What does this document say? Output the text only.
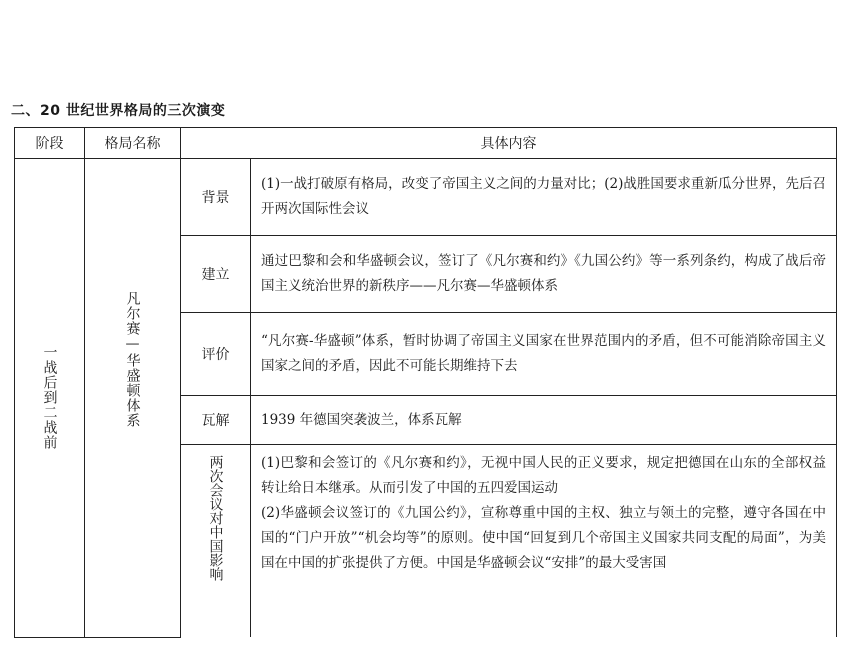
二、20 世纪世界格局的三次演变
阶段	格局名称	具体内容	

一战后到二战前	凡尔赛—华盛顿体系	背景	(1)一战打破原有格局，改变了帝国主义之间的力量对比；(2)战胜国要求重新瓜分世界，先后召开两次国际性会议
		建立	通过巴黎和会和华盛顿会议，签订了《凡尔赛和约》《九国公约》等一系列条约，构成了战后帝国主义统治世界的新秩序——凡尔赛—华盛顿体系
		评价	“凡尔赛-华盛顿”体系，暂时协调了帝国主义国家在世界范围内的矛盾，但不可能消除帝国主义国家之间的矛盾，因此不可能长期维持下去
		瓦解	1939 年德国突袭波兰，体系瓦解

		两次会议对中国影响	(1)巴黎和会签订的《凡尔赛和约》，无视中国人民的正义要求，规定把德国在山东的全部权益转让给日本继承。从而引发了中国的五四爱国运动
(2)华盛顿会议签订的《九国公约》，宣称尊重中国的主权、独立与领土的完整，遵守各国在中国的“门户开放”“机会均等”的原则。使中国“回复到几个帝国主义国家共同支配的局面”，为美国在中国的扩张提供了方便。中国是华盛顿会议“安排”的最大受害国
